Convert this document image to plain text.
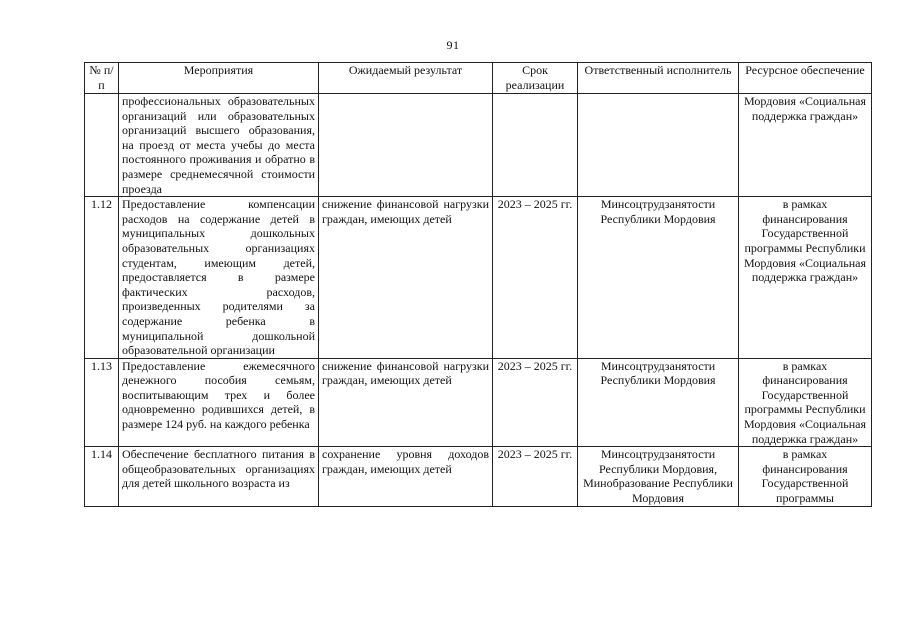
91
№ п/п	Мероприятия	Ожидаемый результат	Срок реализации	Ответственный исполнитель	Ресурсное обеспечение
	профессиональных образовательных организаций или образовательных организаций высшего образования, на проезд от места учебы до места постоянного проживания и обратно в размере среднемесячной стоимости проезда				Мордовия «Социальная поддержка граждан»
1.12	Предоставление компенсации расходов на содержание детей в муниципальных дошкольных образовательных организациях студентам, имеющим детей, предоставляется в размере фактических расходов, произведенных родителями за содержание ребенка в муниципальной дошкольной образовательной организации	снижение финансовой нагрузки граждан, имеющих детей	2023 – 2025 гг.	Минсоцтрудзанятости Республики Мордовия	в рамках финансирования Государственной программы Республики Мордовия «Социальная поддержка граждан»
1.13	Предоставление ежемесячного денежного пособия семьям, воспитывающим трех и более одновременно родившихся детей, в размере 124 руб. на каждого ребенка	снижение финансовой нагрузки граждан, имеющих детей	2023 – 2025 гг.	Минсоцтрудзанятости Республики Мордовия	в рамках финансирования Государственной программы Республики Мордовия «Социальная поддержка граждан»
1.14	Обеспечение бесплатного питания в общеобразовательных организациях для детей школьного возраста из	сохранение уровня доходов граждан, имеющих детей	2023 – 2025 гг.	Минсоцтрудзанятости Республики Мордовия, Минобразование Республики Мордовия	в рамках финансирования Государственной программы
